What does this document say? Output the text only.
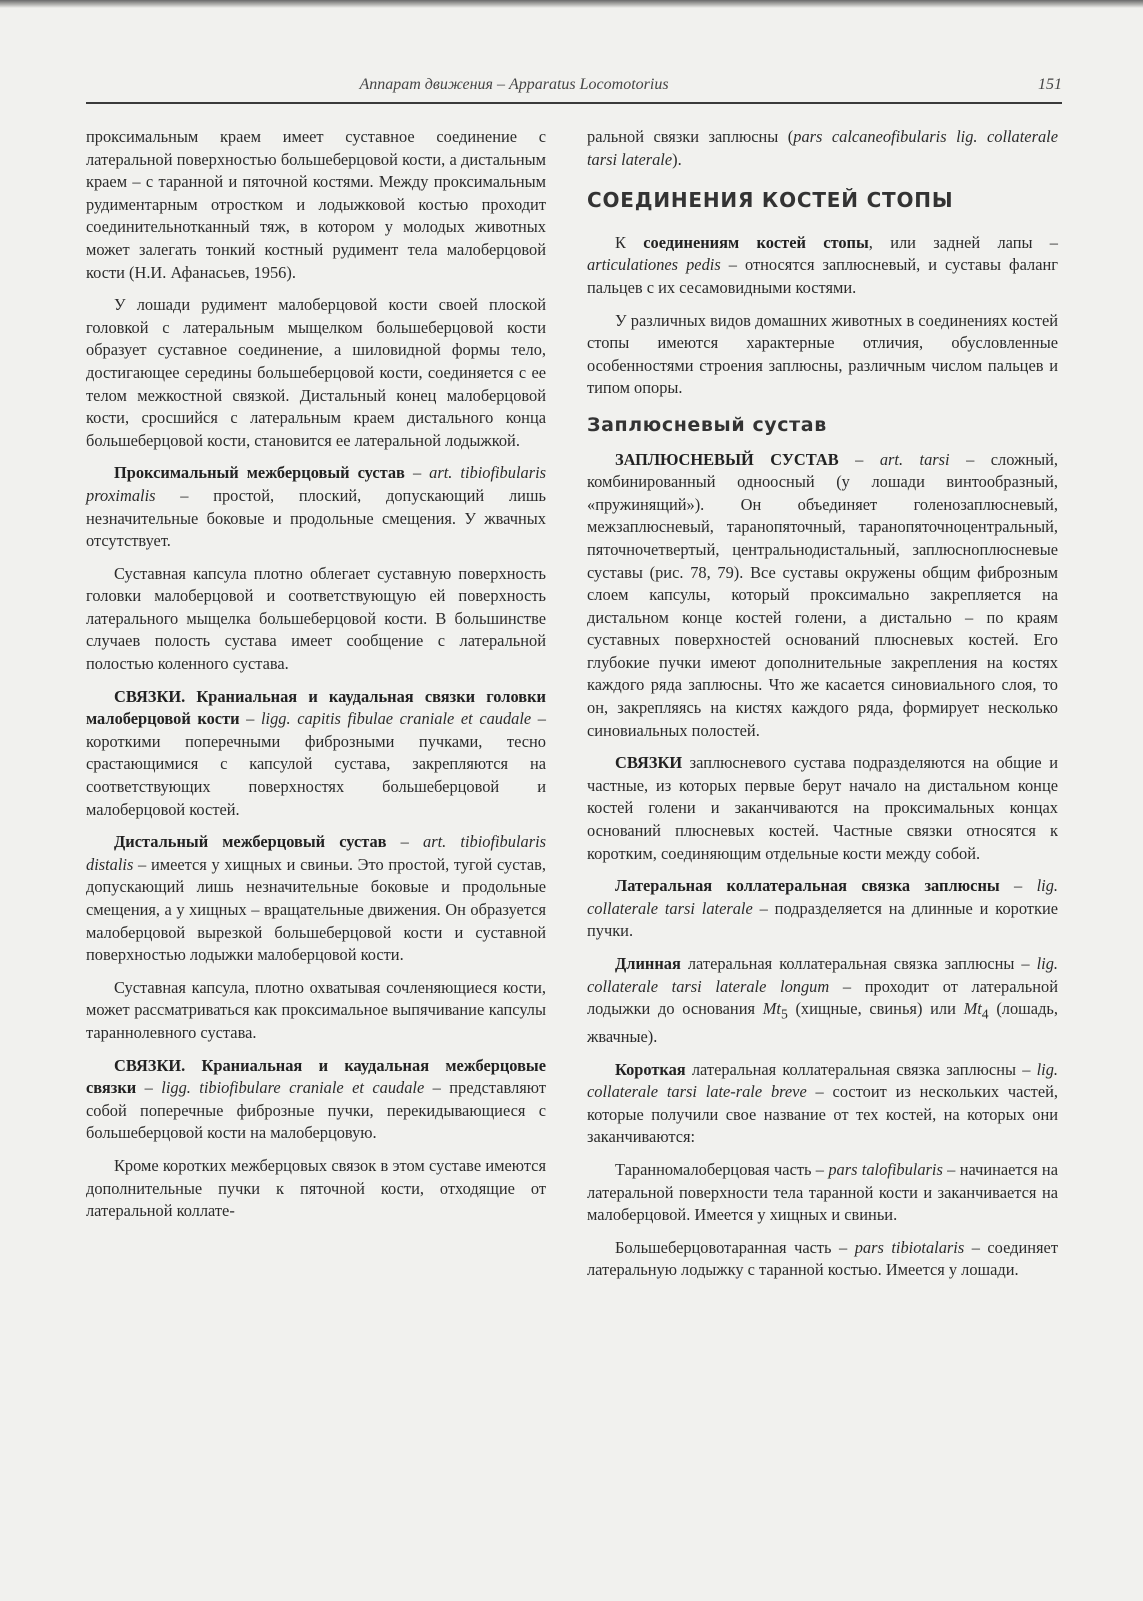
Аппарат движения – Apparatus Locomotorius	151

проксимальным краем имеет суставное соединение с латеральной поверхностью большеберцовой кости, а дистальным краем – с таранной и пяточной костями. Между проксимальным рудиментарным отростком и лодыжковой костью проходит соединительнотканный тяж, в котором у молодых животных может залегать тонкий костный рудимент тела малоберцовой кости (Н.И. Афанасьев, 1956).

У лошади рудимент малоберцовой кости своей плоской головкой с латеральным мыщелком большеберцовой кости образует суставное соединение, а шиловидной формы тело, достигающее середины большеберцовой кости, соединяется с ее телом межкостной связкой. Дистальный конец малоберцовой кости, сросшийся с латеральным краем дистального конца большеберцовой кости, становится ее латеральной лодыжкой.

Проксимальный межберцовый сустав – art. tibiofibularis proximalis – простой, плоский, допускающий лишь незначительные боковые и продольные смещения. У жвачных отсутствует.

Суставная капсула плотно облегает суставную поверхность головки малоберцовой и соответствующую ей поверхность латерального мыщелка большеберцовой кости. В большинстве случаев полость сустава имеет сообщение с латеральной полостью коленного сустава.

СВЯЗКИ. Краниальная и каудальная связки головки малоберцовой кости – ligg. capitis fibulae craniale et caudale – короткими поперечными фиброзными пучками, тесно срастающимися с капсулой сустава, закрепляются на соответствующих поверхностях большеберцовой и малоберцовой костей.

Дистальный межберцовый сустав – art. tibiofibularis distalis – имеется у хищных и свиньи. Это простой, тугой сустав, допускающий лишь незначительные боковые и продольные смещения, а у хищных – вращательные движения. Он образуется малоберцовой вырезкой большеберцовой кости и суставной поверхностью лодыжки малоберцовой кости.

Суставная капсула, плотно охватывая сочленяющиеся кости, может рассматриваться как проксимальное выпячивание капсулы тараннолевного сустава.

СВЯЗКИ. Краниальная и каудальная межберцовые связки – ligg. tibiofibulare craniale et caudale – представляют собой поперечные фиброзные пучки, перекидывающиеся с большеберцовой кости на малоберцовую.

Кроме коротких межберцовых связок в этом суставе имеются дополнительные пучки к пяточной кости, отходящие от латеральной коллате-

ральной связки заплюсны (pars calcaneofibularis lig. collaterale tarsi laterale).

СОЕДИНЕНИЯ КОСТЕЙ СТОПЫ

К соединениям костей стопы, или задней лапы – articulationes pedis – относятся заплюсневый, и суставы фаланг пальцев с их сесамовидными костями.

У различных видов домашних животных в соединениях костей стопы имеются характерные отличия, обусловленные особенностями строения заплюсны, различным числом пальцев и типом опоры.

Заплюсневый сустав

ЗАПЛЮСНЕВЫЙ СУСТАВ – art. tarsi – сложный, комбинированный одноосный (у лошади винтообразный, «пружинящий»). Он объединяет голенозаплюсневый, межзаплюсневый, таранопяточный, таранопяточноцентральный, пяточночетвертый, центральнодистальный, заплюсноплюсневые суставы (рис. 78, 79). Все суставы окружены общим фиброзным слоем капсулы, который проксимально закрепляется на дистальном конце костей голени, а дистально – по краям суставных поверхностей оснований плюсневых костей. Его глубокие пучки имеют дополнительные закрепления на костях каждого ряда заплюсны. Что же касается синовиального слоя, то он, закрепляясь на кистях каждого ряда, формирует несколько синовиальных полостей.

СВЯЗКИ заплюсневого сустава подразделяются на общие и частные, из которых первые берут начало на дистальном конце костей голени и заканчиваются на проксимальных концах оснований плюсневых костей. Частные связки относятся к коротким, соединяющим отдельные кости между собой.

Латеральная коллатеральная связка заплюсны – lig. collaterale tarsi laterale – подразделяется на длинные и короткие пучки.

Длинная латеральная коллатеральная связка заплюсны – lig. collaterale tarsi laterale longum – проходит от латеральной лодыжки до основания $Mt_5$ (хищные, свинья) или $Mt_4$ (лошадь, жвачные).

Короткая латеральная коллатеральная связка заплюсны – lig. collaterale tarsi late-rale breve – состоит из нескольких частей, которые получили свое название от тех костей, на которых они заканчиваются:

Таранномалоберцовая часть – pars talofibularis – начинается на латеральной поверхности тела таранной кости и заканчивается на малоберцовой. Имеется у хищных и свиньи.

Большеберцовотаранная часть – pars tibiotalaris – соединяет латеральную лодыжку с таранной костью. Имеется у лошади.
